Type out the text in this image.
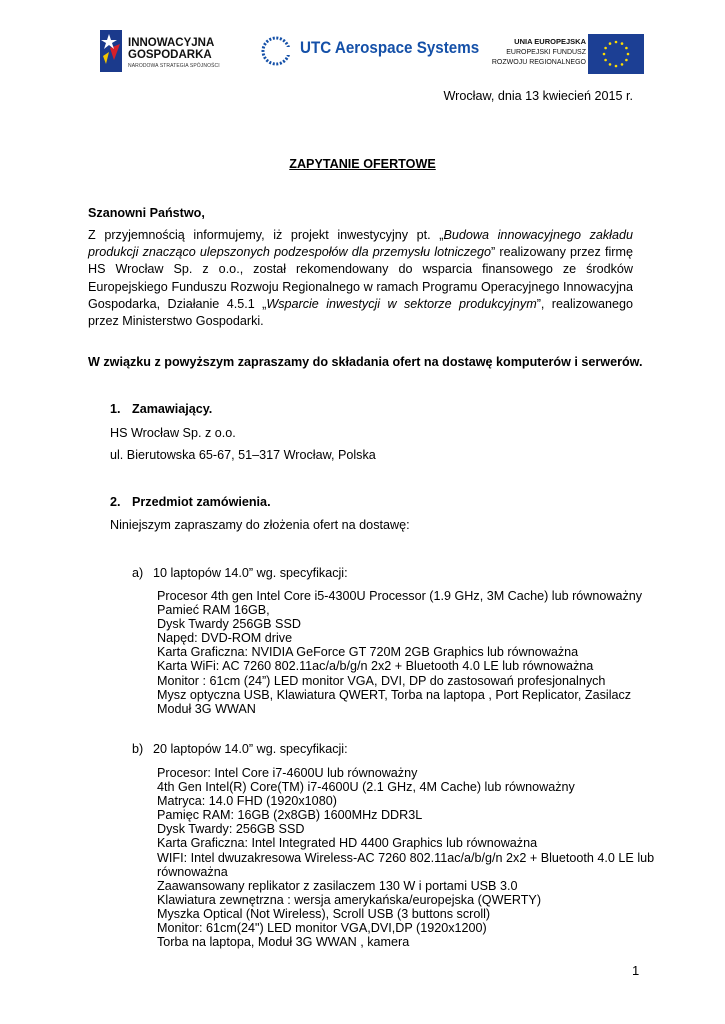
INNOWACYJNA
GOSPODARKA
NARODOWA STRATEGIA SPÓJNOŚCI
UTC Aerospace Systems	UNIA EUROPEJSKA
EUROPEJSKI FUNDUSZ
ROZWOJU REGIONALNEGO
Wrocław, dnia 13 kwiecień 2015 r.
ZAPYTANIE OFERTOWE
Szanowni Państwo,
Z przyjemnością informujemy, iż projekt inwestycyjny pt. „Budowa innowacyjnego zakładu produkcji znacząco ulepszonych podzespołów dla przemysłu lotniczego” realizowany przez firmę HS Wrocław Sp. z o.o., został rekomendowany do wsparcia finansowego ze środków Europejskiego Funduszu Rozwoju Regionalnego w ramach Programu Operacyjnego Innowacyjna Gospodarka, Działanie 4.5.1 „Wsparcie inwestycji w sektorze produkcyjnym”, realizowanego przez Ministerstwo Gospodarki.
W związku z powyższym zapraszamy do składania ofert na dostawę komputerów i serwerów.
1. Zamawiający.
HS Wrocław Sp. z o.o.
ul. Bierutowska 65-67, 51–317 Wrocław, Polska
2. Przedmiot zamówienia.
Niniejszym zapraszamy do złożenia ofert na dostawę:
a) 10 laptopów 14.0” wg. specyfikacji:
Procesor 4th gen Intel Core i5-4300U Processor (1.9 GHz, 3M Cache) lub równoważny
Pamieć RAM 16GB,
Dysk Twardy 256GB SSD
Napęd: DVD-ROM drive
Karta Graficzna: NVIDIA GeForce GT 720M 2GB Graphics lub równoważna
Karta WiFi: AC 7260 802.11ac/a/b/g/n 2x2 + Bluetooth 4.0 LE lub równoważna
Monitor : 61cm (24”) LED monitor VGA, DVI, DP do zastosowań profesjonalnych
Mysz optyczna USB, Klawiatura QWERT, Torba na laptopa , Port Replicator, Zasilacz
Moduł 3G WWAN
b) 20 laptopów 14.0” wg. specyfikacji:
Procesor: Intel Core i7-4600U lub równoważny
4th Gen Intel(R) Core(TM) i7-4600U (2.1 GHz, 4M Cache) lub równoważny
Matryca: 14.0 FHD (1920x1080)
Pamięc RAM: 16GB (2x8GB) 1600MHz DDR3L
Dysk Twardy: 256GB SSD
Karta Graficzna: Intel Integrated HD 4400 Graphics lub równoważna
WIFI: Intel dwuzakresowa Wireless-AC 7260 802.11ac/a/b/g/n 2x2 + Bluetooth 4.0 LE lub
równoważna
Zaawansowany replikator z zasilaczem 130 W i portami USB 3.0
Klawiatura zewnętrzna : wersja amerykańska/europejska (QWERTY)
Myszka Optical (Not Wireless), Scroll USB (3 buttons scroll)
Monitor: 61cm(24") LED monitor VGA,DVI,DP (1920x1200)
Torba na laptopa, Moduł 3G WWAN , kamera
1
